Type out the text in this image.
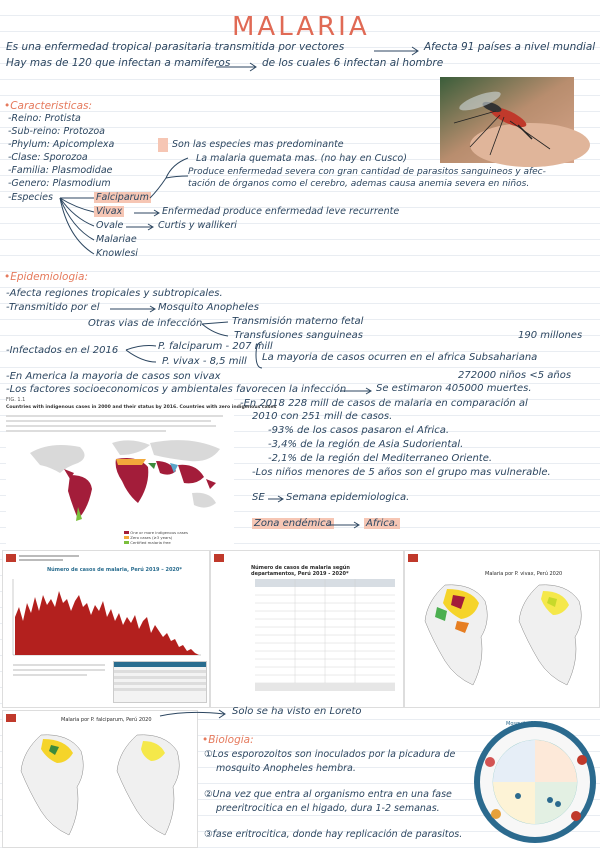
MALARIA
Es una enfermedad tropical parasitaria transmitida por vectores	Afecta 91 países a nivel mundial
Hay mas de 120 que infectan a mamiferos	de los cuales 6 infectan al hombre
•Caracteristicas:
-Reino: Protista
-Sub-reino: Protozoa
-Phylum: Apicomplexa
-Clase: Sporozoa
-Familia: Plasmodidae
-Genero: Plasmodium
-Especies	Falciparum
Vivax
Ovale
Malariae
Knowlesi
Son las especies mas predominante
La malaria quemata mas. (no hay en Cusco)
Produce enfermedad severa con gran cantidad de parasitos sanguineos y afec-
tación de órganos como el cerebro, ademas causa anemia severa en niños.
Enfermedad produce enfermedad leve recurrente
Curtis y wallikeri
•Epidemiologia:
-Afecta regiones tropicales y subtropicales.
-Transmitido por el	Mosquito Anopheles
Otras vias de infección	Transmisión materno fetal
Transfusiones sanguineas
-Infectados en el 2016	P. falciparum - 207 mill
P. vivax - 8,5 mill
190 millones
La mayoria de casos ocurren en el africa Subsahariana
-En America la mayoria de casos son vivax
-Los factores socioeconomicos y ambientales favorecen la infección	Se estimaron 405000 muertes.
272000 niños <5 años
-En 2018 228 mill de casos de malaria en comparación al
2010 con 251 mill de casos.
-93% de los casos pasaron el Africa.
-3,4% de la región de Asia Sudoriental.
-2,1% de la región del Mediterraneo Oriente.
-Los niños menores de 5 años son el grupo mas vulnerable.
SE Semana epidemiologica.
Zona endémica	Africa.
FIG. 1.1
Countries with indigenous cases in 2000 and their status by 2016. Countries with zero indigenous cases
One or more indigenous cases
Zero cases (≥3 years)
Certified malaria free
Número de casos de malaria, Perú 2019 – 2020*	Número de casos de malaria según departamentos, Perú 2019 - 2020*	Malaria por P. vivax, Perú 2020
Malaria por P. falciparum, Perú 2020
Solo se ha visto en Loreto
•Biologia:
①Los esporozoitos son inoculados por la picadura de
mosquito Anopheles hembra.
②Una vez que entra al organismo entra en una fase
preeritrocitica en el higado, dura 1-2 semanas.
③fase eritrocitica, donde hay replicación de parasitos.
Mosquito Stages
